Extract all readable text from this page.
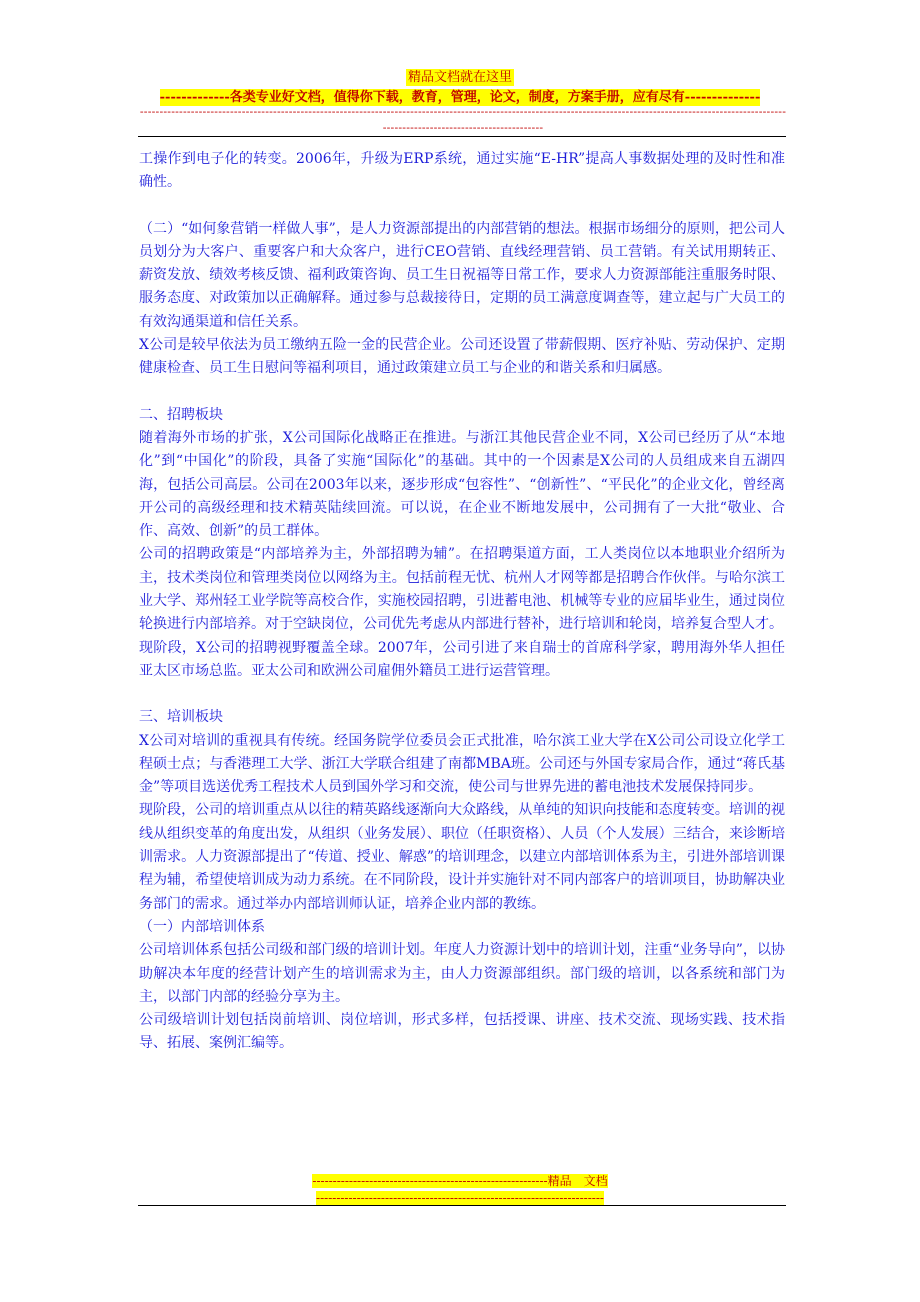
精品文档就在这里
-------------各类专业好文档，值得你下载，教育，管理，论文，制度，方案手册，应有尽有--------------
--------------------------------------------------------------------------------------------------------------------------------------------------------------------------------------------------------------

工操作到电子化的转变。2006年，升级为ERP系统，通过实施“E-HR”提高人事数据处理的及时性和准确性。

（二）“如何象营销一样做人事”，是人力资源部提出的内部营销的想法。根据市场细分的原则，把公司人员划分为大客户、重要客户和大众客户，进行CEO营销、直线经理营销、员工营销。有关试用期转正、薪资发放、绩效考核反馈、福利政策咨询、员工生日祝福等日常工作，要求人力资源部能注重服务时限、服务态度、对政策加以正确解释。通过参与总裁接待日，定期的员工满意度调查等，建立起与广大员工的有效沟通渠道和信任关系。

X公司是较早依法为员工缴纳五险一金的民营企业。公司还设置了带薪假期、医疗补贴、劳动保护、定期健康检查、员工生日慰问等福利项目，通过政策建立员工与企业的和谐关系和归属感。

二、招聘板块

随着海外市场的扩张，X公司国际化战略正在推进。与浙江其他民营企业不同，X公司已经历了从“本地化”到“中国化”的阶段，具备了实施“国际化”的基础。其中的一个因素是X公司的人员组成来自五湖四海，包括公司高层。公司在2003年以来，逐步形成“包容性”、“创新性”、“平民化”的企业文化，曾经离开公司的高级经理和技术精英陆续回流。可以说，在企业不断地发展中，公司拥有了一大批“敬业、合作、高效、创新”的员工群体。

公司的招聘政策是“内部培养为主，外部招聘为辅”。在招聘渠道方面，工人类岗位以本地职业介绍所为主，技术类岗位和管理类岗位以网络为主。包括前程无忧、杭州人才网等都是招聘合作伙伴。与哈尔滨工业大学、郑州轻工业学院等高校合作，实施校园招聘，引进蓄电池、机械等专业的应届毕业生，通过岗位轮换进行内部培养。对于空缺岗位，公司优先考虑从内部进行替补，进行培训和轮岗，培养复合型人才。

现阶段，X公司的招聘视野覆盖全球。2007年，公司引进了来自瑞士的首席科学家，聘用海外华人担任亚太区市场总监。亚太公司和欧洲公司雇佣外籍员工进行运营管理。

三、培训板块

X公司对培训的重视具有传统。经国务院学位委员会正式批准，哈尔滨工业大学在X公司公司设立化学工程硕士点；与香港理工大学、浙江大学联合组建了南都MBA班。公司还与外国专家局合作，通过“蒋氏基金”等项目选送优秀工程技术人员到国外学习和交流，使公司与世界先进的蓄电池技术发展保持同步。

现阶段，公司的培训重点从以往的精英路线逐渐向大众路线，从单纯的知识向技能和态度转变。培训的视线从组织变革的角度出发，从组织（业务发展）、职位（任职资格）、人员（个人发展）三结合，来诊断培训需求。人力资源部提出了“传道、授业、解惑”的培训理念，以建立内部培训体系为主，引进外部培训课程为辅，希望使培训成为动力系统。在不同阶段，设计并实施针对不同内部客户的培训项目，协助解决业务部门的需求。通过举办内部培训师认证，培养企业内部的教练。

（一）内部培训体系

公司培训体系包括公司级和部门级的培训计划。年度人力资源计划中的培训计划，注重“业务导向”，以协助解决本年度的经营计划产生的培训需求为主，由人力资源部组织。部门级的培训，以各系统和部门为主，以部门内部的经验分享为主。

公司级培训计划包括岗前培训、岗位培训，形式多样，包括授课、讲座、技术交流、现场实践、技术指导、拓展、案例汇编等。

----------------------------------------------------------精品　文档
-----------------------------------------------------------------------
